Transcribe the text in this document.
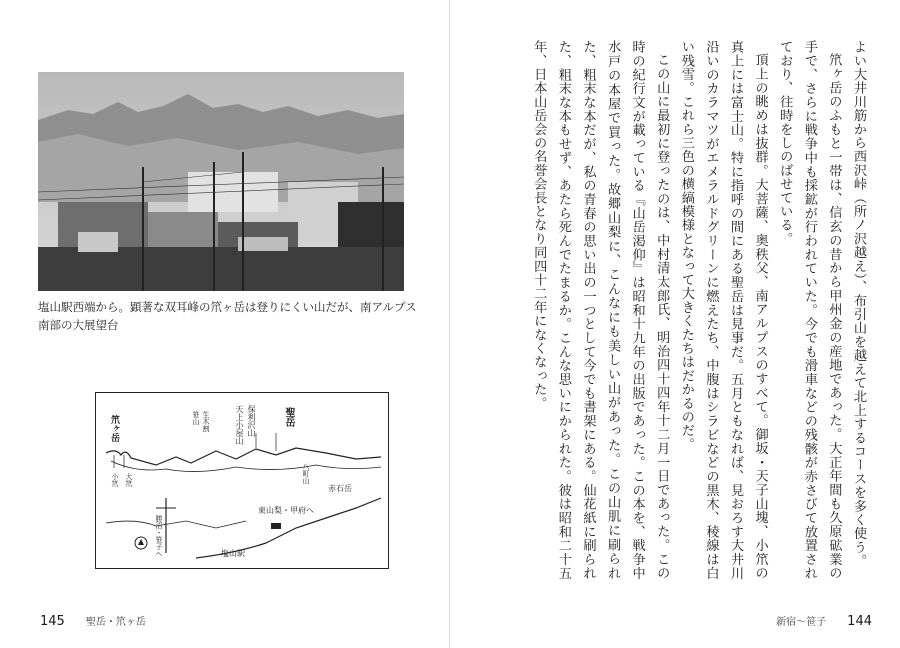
塩山駅西端から。顕著な双耳峰の笊ヶ岳は登りにくい山だが、南アルプス南部の大展望台
笊ヶ岳
小笊 大笊
生木割
笹山	保利沢山
天上小屋山	聖岳
八町山
赤石岳
東山梨・甲府へ
塩山駅
勝沼・笹子へ
145 聖岳・笊ヶ岳

よい大井川筋から西沢峠（所ノ沢越え）、布引山を越えて北上するコースを多く使う。

笊ヶ岳のふもと一帯は、信玄の昔から甲州金の産地であった。大正年間も久原砿業の手で、さらに戦争中も採鉱が行われていた。今でも滑車などの残骸が赤さびて放置されており、往時をしのばせている。

頂上の眺めは抜群。大菩薩、奥秩父、南アルプスのすべて。御坂・天子山塊、小笊の真上には富士山。特に指呼の間にある聖岳は見事だ。五月ともなれば、見おろす大井川沿いのカラマツがエメラルドグリーンに燃えたち、中腹はシラビなどの黒木、稜線は白い残雪。これら三色の横縞模様となって大きくたちはだかるのだ。

この山に最初に登ったのは、中村清太郎氏、明治四十四年十二月一日であった。この時の紀行文が載っている『山岳渇仰』は昭和十九年の出版であった。この本を、戦争中水戸の本屋で買った。故郷山梨に、こんなにも美しい山があった。この山肌に刷られた、粗末な本だが、私の青春の思い出の一つとして今でも書架にある。仙花紙に刷られた、粗末な本もせず、あたら死んでたまるか。こんな思いにかられた。彼は昭和二十五年、日本山岳会の名誉会長となり同四十二年になくなった。

新宿〜笹子 144
